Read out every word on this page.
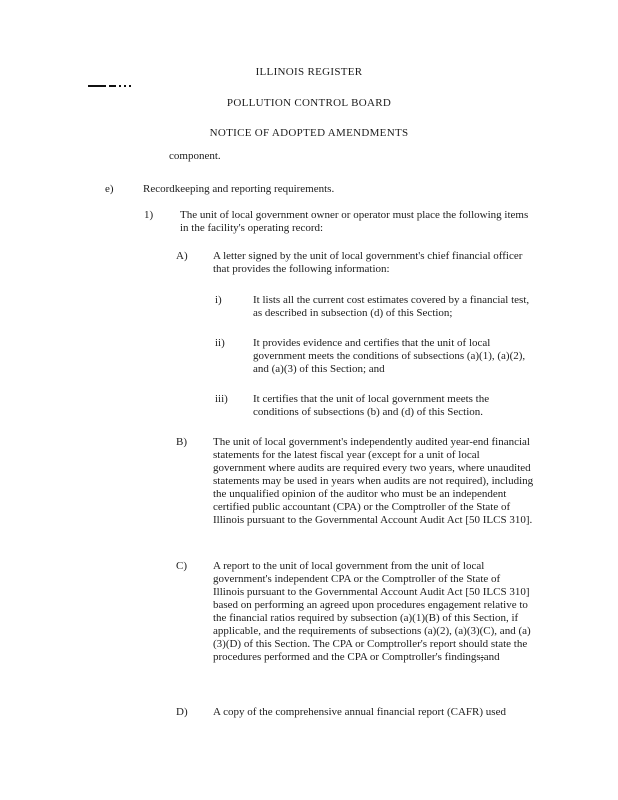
ILLINOIS REGISTER
POLLUTION CONTROL BOARD
NOTICE OF ADOPTED AMENDMENTS
component.
e)	Recordkeeping and reporting requirements.
1)	The unit of local government owner or operator must place the following items in the facility's operating record:
A)	A letter signed by the unit of local government's chief financial officer that provides the following information:
i)	It lists all the current cost estimates covered by a financial test, as described in subsection (d) of this Section;
ii)	It provides evidence and certifies that the unit of local government meets the conditions of subsections (a)(1), (a)(2), and (a)(3) of this Section; and
iii)	It certifies that the unit of local government meets the conditions of subsections (b) and (d) of this Section.
B)	The unit of local government's independently audited year-end financial statements for the latest fiscal year (except for a unit of local government where audits are required every two years, where unaudited statements may be used in years when audits are not required), including the unqualified opinion of the auditor who must be an independent certified public accountant (CPA) or the Comptroller of the State of Illinois pursuant to the Governmental Account Audit Act [50 ILCS 310].
C)	A report to the unit of local government from the unit of local government's independent CPA or the Comptroller of the State of Illinois pursuant to the Governmental Account Audit Act [50 ILCS 310] based on performing an agreed upon procedures engagement relative to the financial ratios required by subsection (a)(1)(B) of this Section, if applicable, and the requirements of subsections (a)(2), (a)(3)(C), and (a)(3)(D) of this Section. The CPA or Comptroller's report should state the procedures performed and the CPA or Comptroller's findings;and
D)	A copy of the comprehensive annual financial report (CAFR) used
